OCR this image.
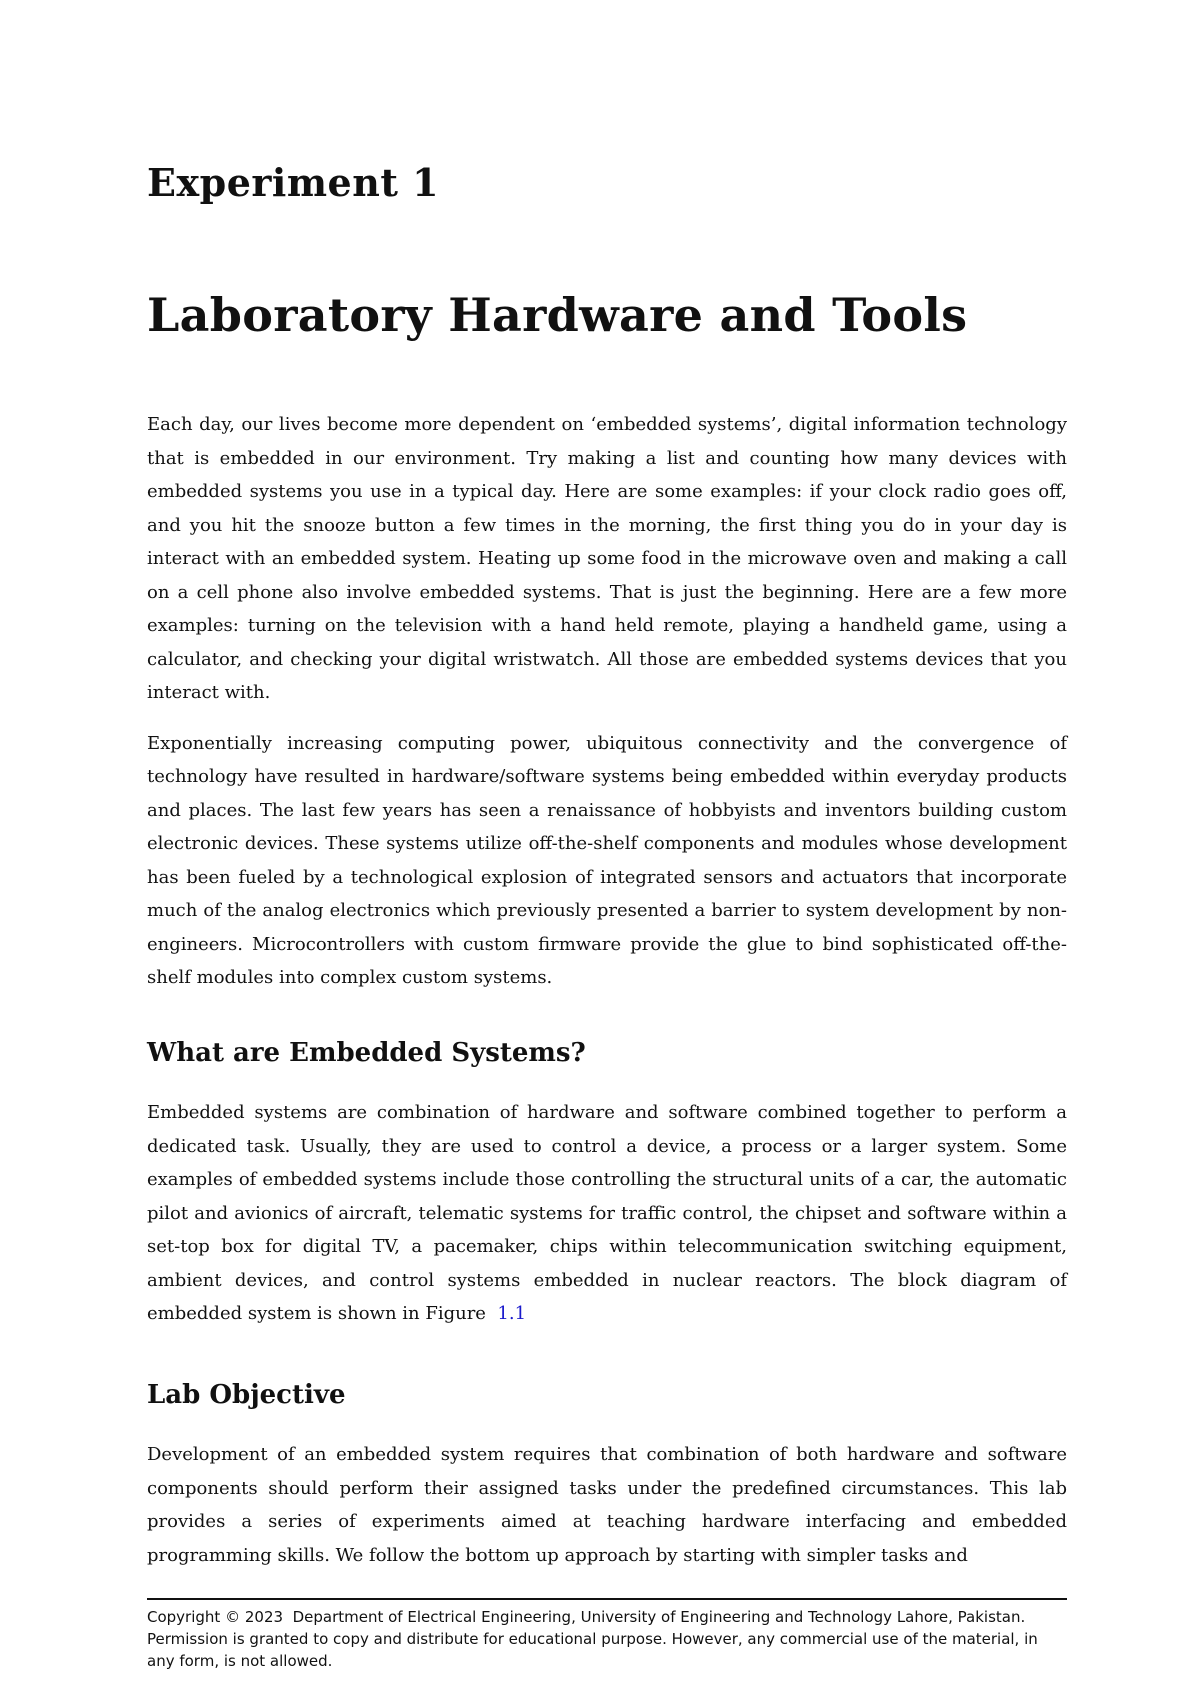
Experiment 1
Laboratory Hardware and Tools

Each day, our lives become more dependent on ‘embedded systems’, digital information technology that is embedded in our environment. Try making a list and counting how many devices with embedded systems you use in a typical day. Here are some examples: if your clock radio goes off, and you hit the snooze button a few times in the morning, the first thing you do in your day is interact with an embedded system. Heating up some food in the microwave oven and making a call on a cell phone also involve embedded systems. That is just the beginning. Here are a few more examples: turning on the television with a hand held remote, playing a handheld game, using a calculator, and checking your digital wristwatch. All those are embedded systems devices that you interact with.

Exponentially increasing computing power, ubiquitous connectivity and the convergence of technology have resulted in hardware/software systems being embedded within everyday products and places. The last few years has seen a renaissance of hobbyists and inventors building custom electronic devices. These systems utilize off-the-shelf components and modules whose development has been fueled by a technological explosion of integrated sensors and actuators that incorporate much of the analog electronics which previously presented a barrier to system development by non-engineers. Microcontrollers with custom firmware provide the glue to bind sophisticated off-the-shelf modules into complex custom systems.

What are Embedded Systems?

Embedded systems are combination of hardware and software combined together to perform a dedicated task. Usually, they are used to control a device, a process or a larger system. Some examples of embedded systems include those controlling the structural units of a car, the automatic pilot and avionics of aircraft, telematic systems for traffic control, the chipset and software within a set-top box for digital TV, a pacemaker, chips within telecommunication switching equipment, ambient devices, and control systems embedded in nuclear reactors. The block diagram of embedded system is shown in Figure 1.1

Lab Objective

Development of an embedded system requires that combination of both hardware and software components should perform their assigned tasks under the predefined circumstances. This lab provides a series of experiments aimed at teaching hardware interfacing and embedded programming skills. We follow the bottom up approach by starting with simpler tasks and

Copyright © 2023 Department of Electrical Engineering, University of Engineering and Technology Lahore, Pakistan. Permission is granted to copy and distribute for educational purpose. However, any commercial use of the material, in any form, is not allowed.
